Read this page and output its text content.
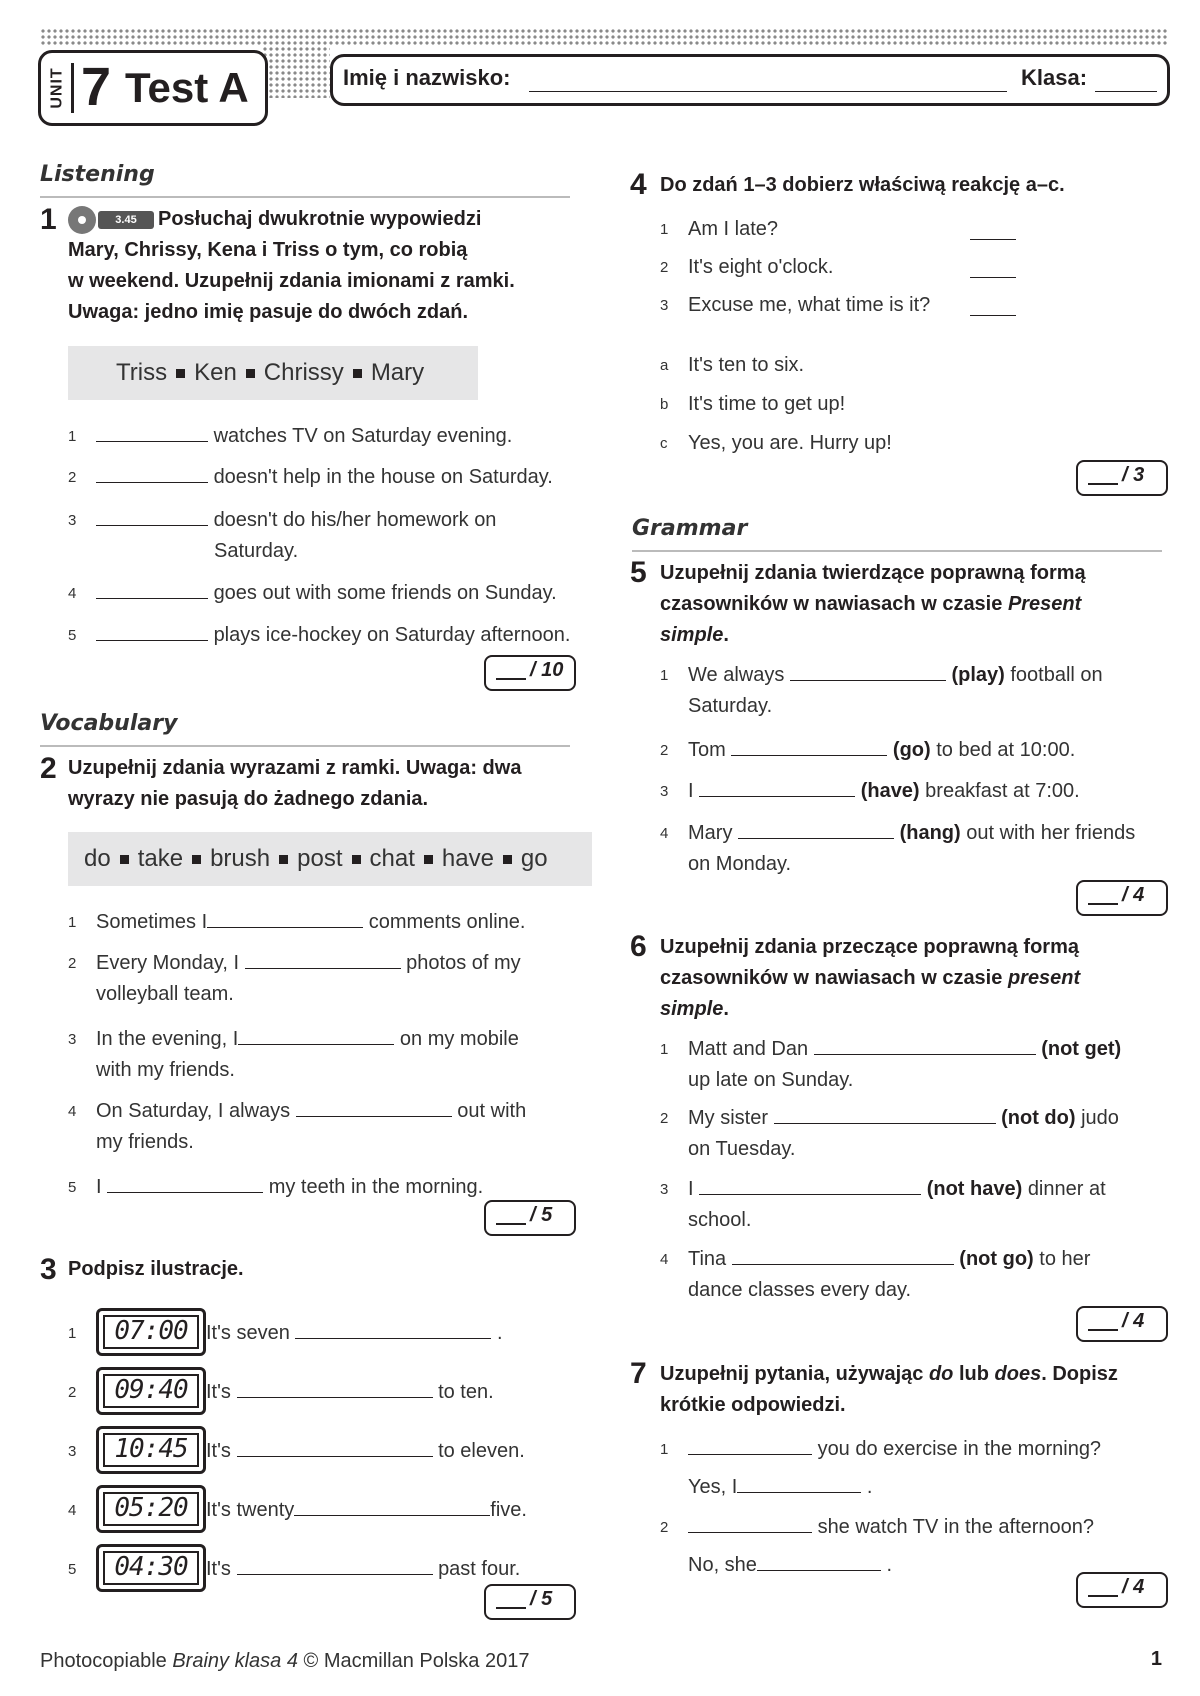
UNIT 7 Test A	Imię i nazwisko:	Klasa:
Listening
1	3.45	Posłuchaj dwukrotnie wypowiedzi
Mary, Chrissy, Kena i Triss o tym, co robią
w weekend. Uzupełnij zdania imionami z ramki.
Uwaga: jedno imię pasuje do dwóch zdań.
Triss Ken Chrissy Mary
1	watches TV on Saturday evening.
2	doesn't help in the house on Saturday.
3	doesn't do his/her homework on
Saturday.
4	goes out with some friends on Sunday.
5	plays ice-hockey on Saturday afternoon.
/ 10
Vocabulary
2 Uzupełnij zdania wyrazami z ramki. Uwaga: dwa
wyrazy nie pasują do żadnego zdania.
do take brush post chat have go
1 Sometimes I	comments online.
2 Every Monday, I	photos of my
volleyball team.
3 In the evening, I	on my mobile
with my friends.
4 On Saturday, I always	out with
my friends.
5 I	my teeth in the morning.
/ 5
3 Podpisz ilustracje.
1	07:00 It's seven	.
2	09:40 It's	to ten.
3	10:45 It's	to eleven.
4	05:20 It's twenty	five.
5	04:30 It's	past four.
/ 5
4 Do zdań 1–3 dobierz właściwą reakcję a–c.
1 Am I late?
2 It's eight o'clock.
3 Excuse me, what time is it?
a It's ten to six.
b It's time to get up!
c Yes, you are. Hurry up!
/ 3
Grammar
5 Uzupełnij zdania twierdzące poprawną formą
czasowników w nawiasach w czasie Present
simple.
1 We always	(play) football on
Saturday.
2 Tom	(go) to bed at 10:00.
3 I	(have) breakfast at 7:00.
4 Mary	(hang) out with her friends
on Monday.
/ 4
6 Uzupełnij zdania przeczące poprawną formą
czasowników w nawiasach w czasie present
simple.
1 Matt and Dan	(not get)
up late on Sunday.
2 My sister	(not do) judo
on Tuesday.
3 I	(not have) dinner at
school.
4 Tina	(not go) to her
dance classes every day.
/ 4
7 Uzupełnij pytania, używając do lub does. Dopisz
krótkie odpowiedzi.
1	you do exercise in the morning?
Yes, I	.
2	she watch TV in the afternoon?
No, she	.
/ 4
Photocopiable Brainy klasa 4 © Macmillan Polska 2017	1
